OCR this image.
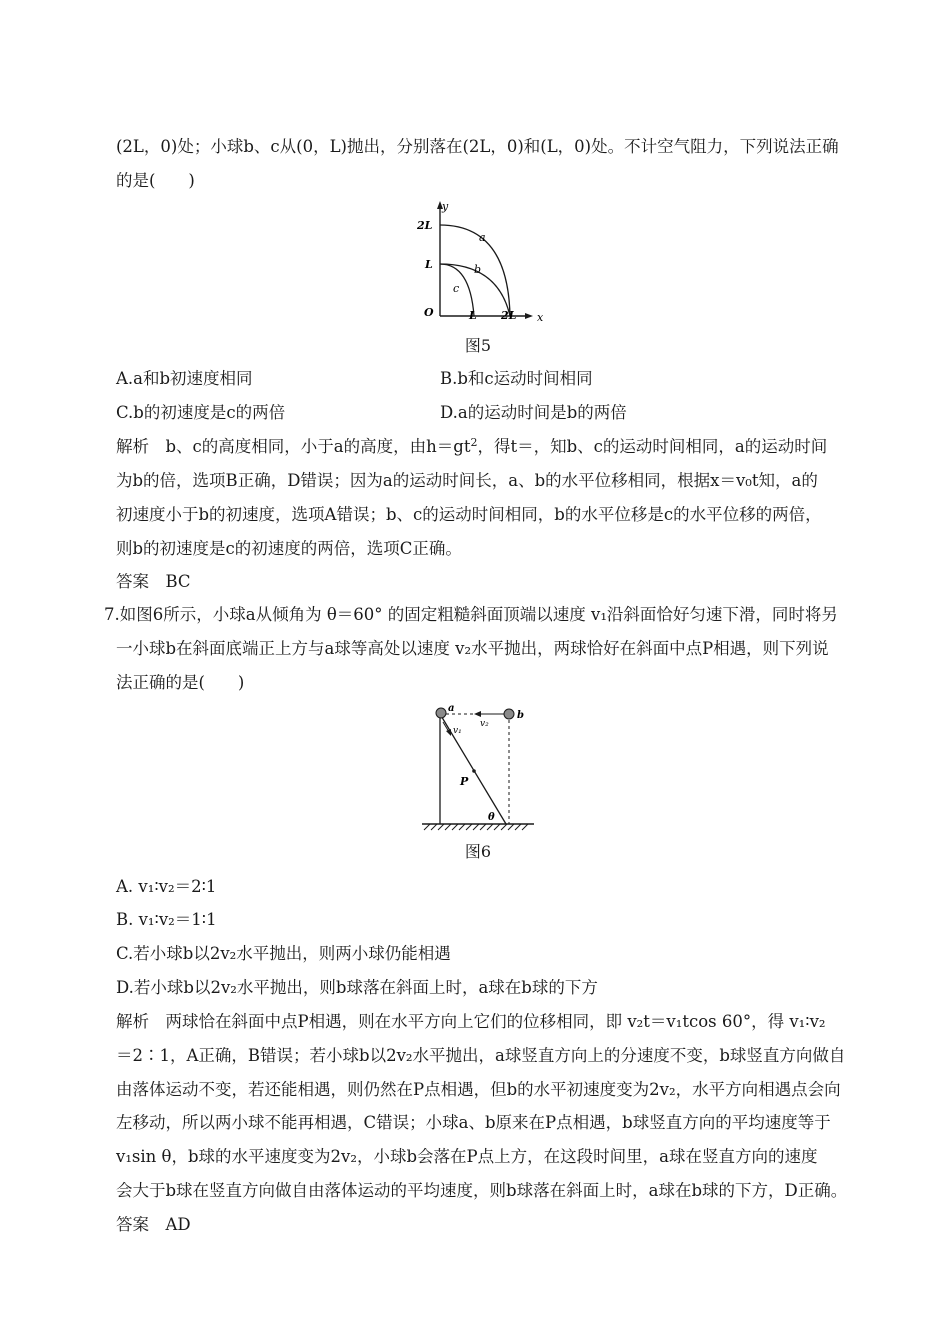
(2L，0)处；小球b、c从(0，L)抛出，分别落在(2L，0)和(L，0)处。不计空气阻力，下列说法正确
的是(　　)
y
x
O
2L
L
L 2L
a
b
c
图5
A.a和b初速度相同	B.b和c运动时间相同
C.b的初速度是c的两倍	D.a的运动时间是b的两倍
解析　b、c的高度相同，小于a的高度，由$h=gt^2$，得t＝，知b、c的运动时间相同，a的运动时间
为b的倍，选项B正确，D错误；因为a的运动时间长，a、b的水平位移相同，根据x＝v₀t知，a的
初速度小于b的初速度，选项A错误；b、c的运动时间相同，b的水平位移是c的水平位移的两倍，
则b的初速度是c的初速度的两倍，选项C正确。
答案　BC
7.如图6所示，小球a从倾角为 θ＝60° 的固定粗糙斜面顶端以速度 v₁沿斜面恰好匀速下滑，同时将另
一小球b在斜面底端正上方与a球等高处以速度 v₂水平抛出，两球恰好在斜面中点P相遇，则下列说
法正确的是(　　)
a
b
v₂
v₁
P
θ
图6
A. v₁∶v₂＝2∶1
B. v₁∶v₂＝1∶1
C.若小球b以2v₂水平抛出，则两小球仍能相遇
D.若小球b以2v₂水平抛出，则b球落在斜面上时，a球在b球的下方
解析　两球恰在斜面中点P相遇，则在水平方向上它们的位移相同，即 v₂t＝v₁tcos 60°，得 v₁∶v₂
＝2∶1，A正确，B错误；若小球b以2v₂水平抛出，a球竖直方向上的分速度不变，b球竖直方向做自
由落体运动不变，若还能相遇，则仍然在P点相遇，但b的水平初速度变为2v₂，水平方向相遇点会向
左移动，所以两小球不能再相遇，C错误；小球a、b原来在P点相遇，b球竖直方向的平均速度等于
v₁sin θ，b球的水平速度变为2v₂，小球b会落在P点上方，在这段时间里，a球在竖直方向的速度
会大于b球在竖直方向做自由落体运动的平均速度，则b球落在斜面上时，a球在b球的下方，D正确。
答案　AD
